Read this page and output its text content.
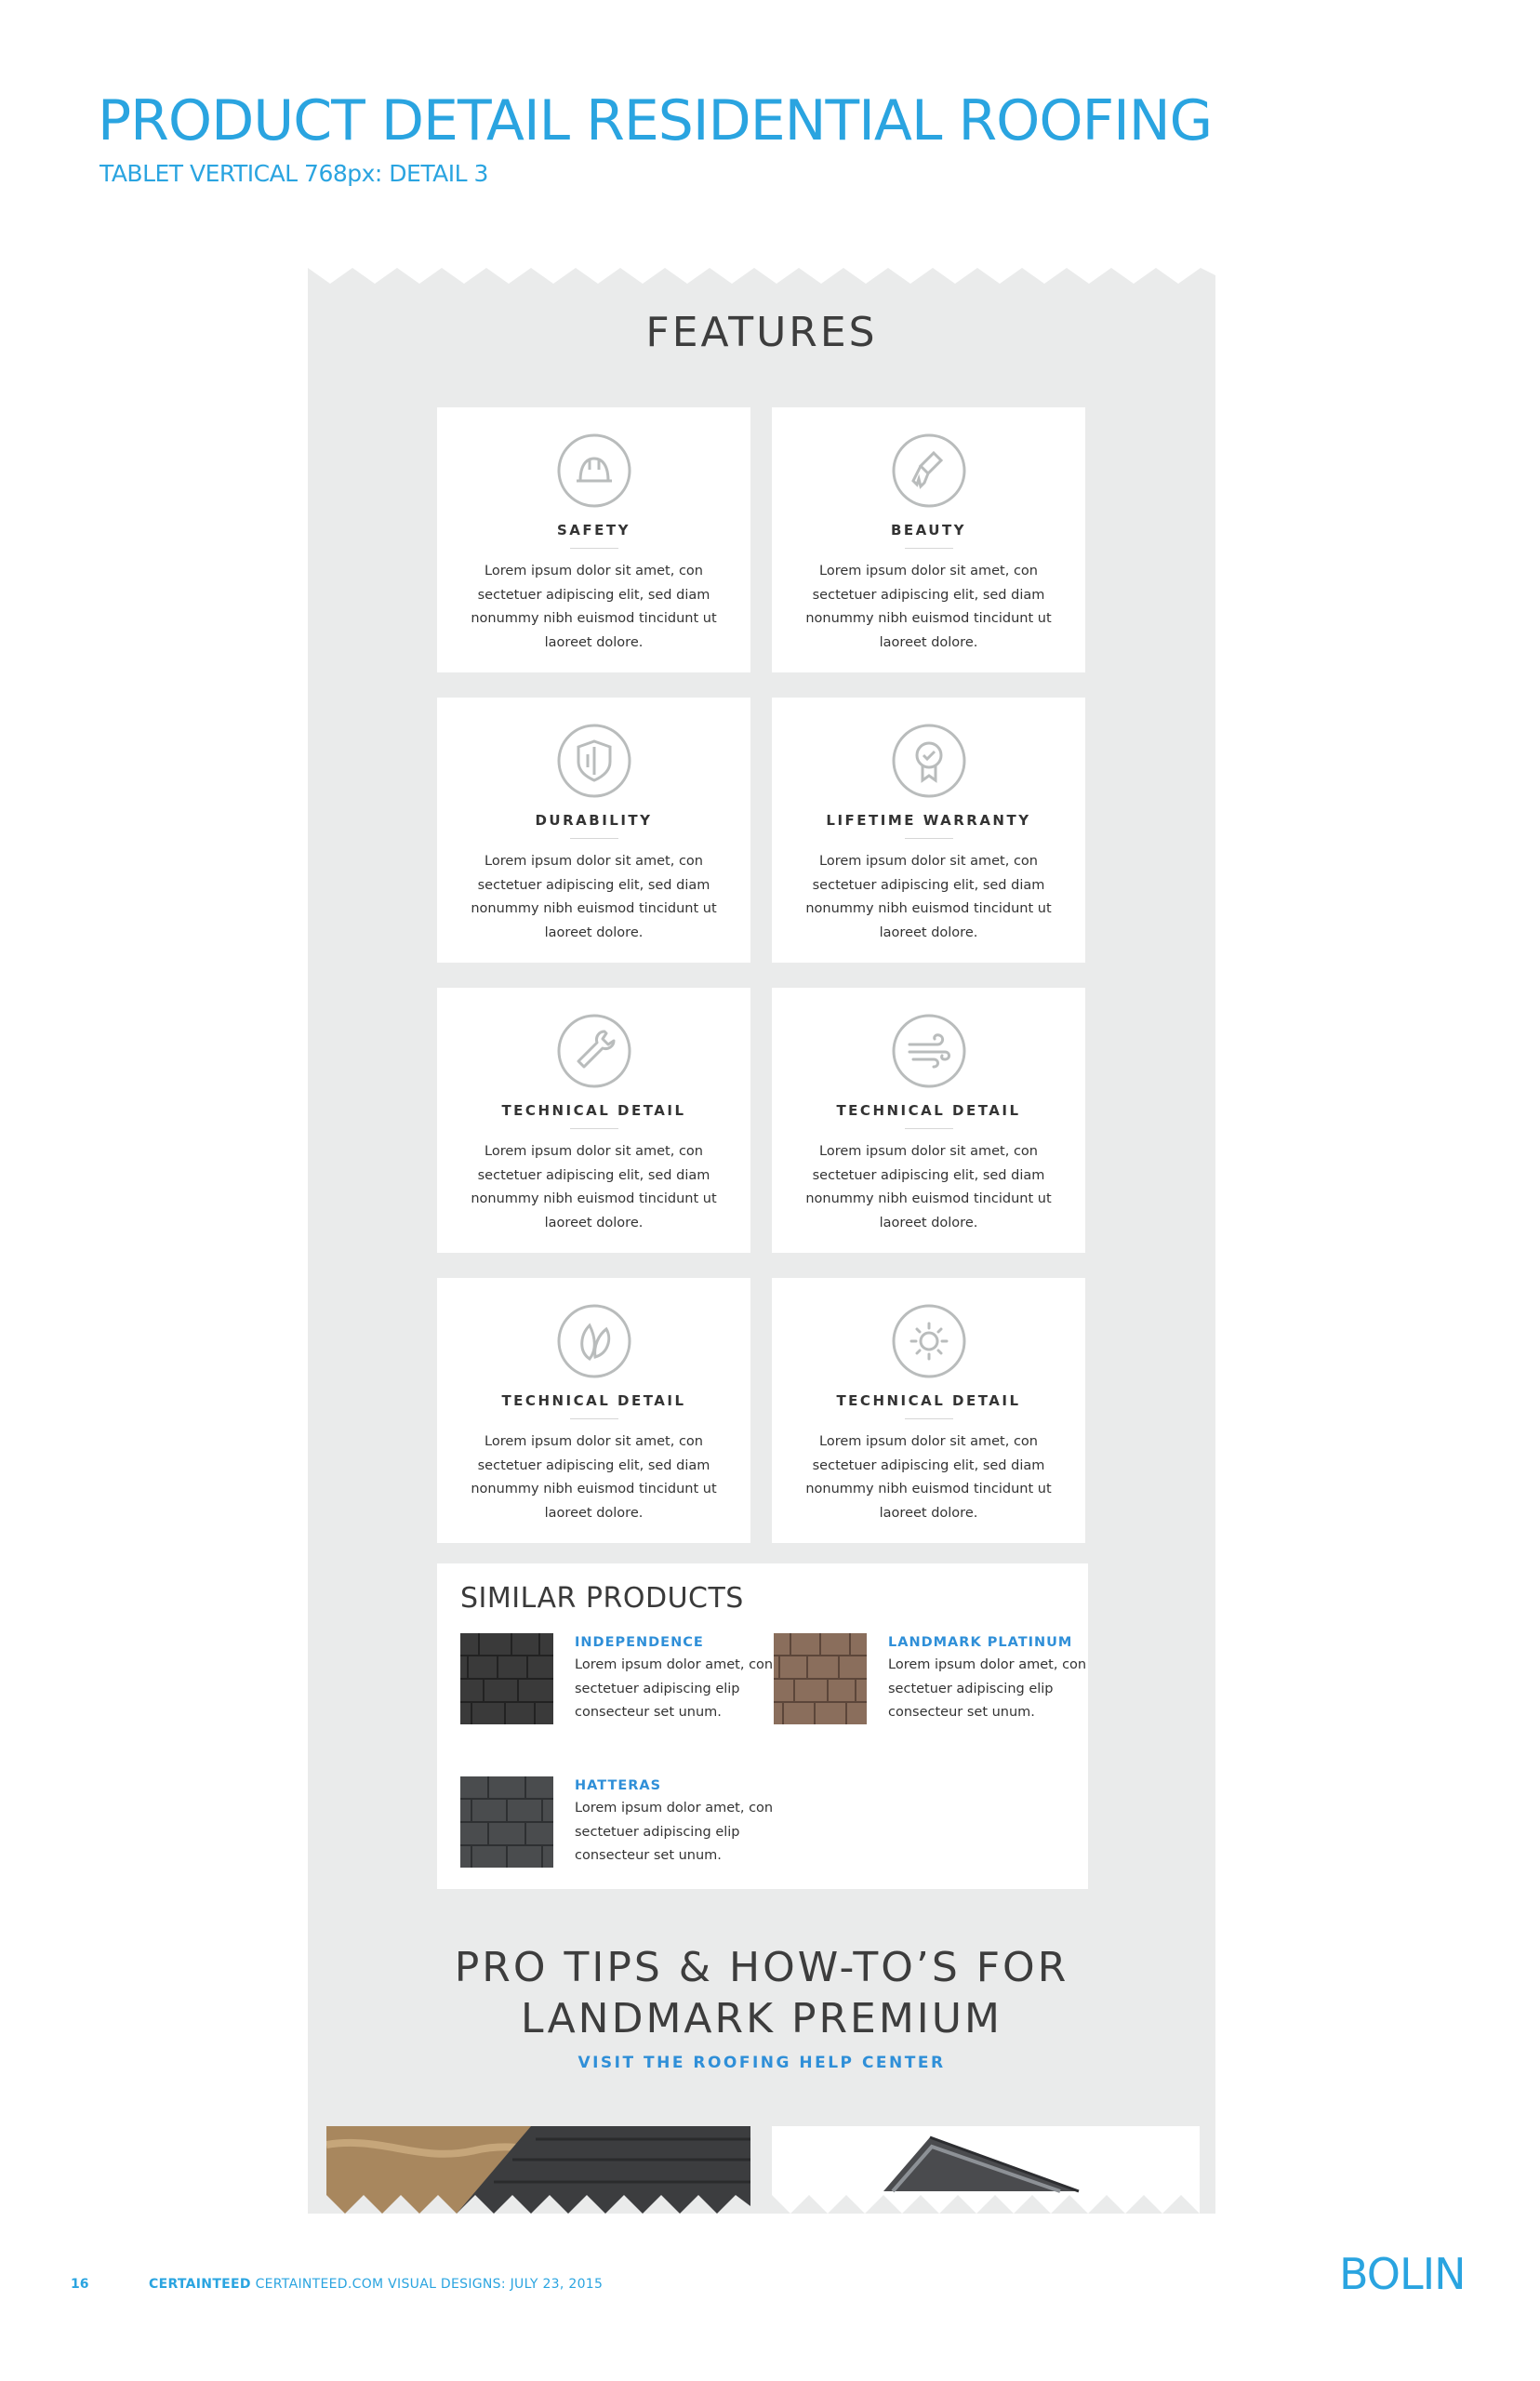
PRODUCT DETAIL RESIDENTIAL ROOFING
TABLET VERTICAL 768px: DETAIL 3
FEATURES
SAFETY
Lorem ipsum dolor sit amet, con sectetuer adipiscing elit, sed diam nonummy nibh euismod tincidunt ut laoreet dolore.
BEAUTY
Lorem ipsum dolor sit amet, con sectetuer adipiscing elit, sed diam nonummy nibh euismod tincidunt ut laoreet dolore.
DURABILITY
Lorem ipsum dolor sit amet, con sectetuer adipiscing elit, sed diam nonummy nibh euismod tincidunt ut laoreet dolore.
LIFETIME WARRANTY
Lorem ipsum dolor sit amet, con sectetuer adipiscing elit, sed diam nonummy nibh euismod tincidunt ut laoreet dolore.
TECHNICAL DETAIL
Lorem ipsum dolor sit amet, con sectetuer adipiscing elit, sed diam nonummy nibh euismod tincidunt ut laoreet dolore.
TECHNICAL DETAIL
Lorem ipsum dolor sit amet, con sectetuer adipiscing elit, sed diam nonummy nibh euismod tincidunt ut laoreet dolore.
TECHNICAL DETAIL
Lorem ipsum dolor sit amet, con sectetuer adipiscing elit, sed diam nonummy nibh euismod tincidunt ut laoreet dolore.
TECHNICAL DETAIL
Lorem ipsum dolor sit amet, con sectetuer adipiscing elit, sed diam nonummy nibh euismod tincidunt ut laoreet dolore.
SIMILAR PRODUCTS
INDEPENDENCE
Lorem ipsum dolor amet, con sectetuer adipiscing elip consecteur set unum.
LANDMARK PLATINUM
Lorem ipsum dolor amet, con sectetuer adipiscing elip consecteur set unum.
HATTERAS
Lorem ipsum dolor amet, con sectetuer adipiscing elip consecteur set unum.
PRO TIPS & HOW-TO’S FOR
LANDMARK PREMIUM
VISIT THE ROOFING HELP CENTER
16	CERTAINTEED CERTAINTEED.COM VISUAL DESIGNS: JULY 23, 2015	BOLIN
